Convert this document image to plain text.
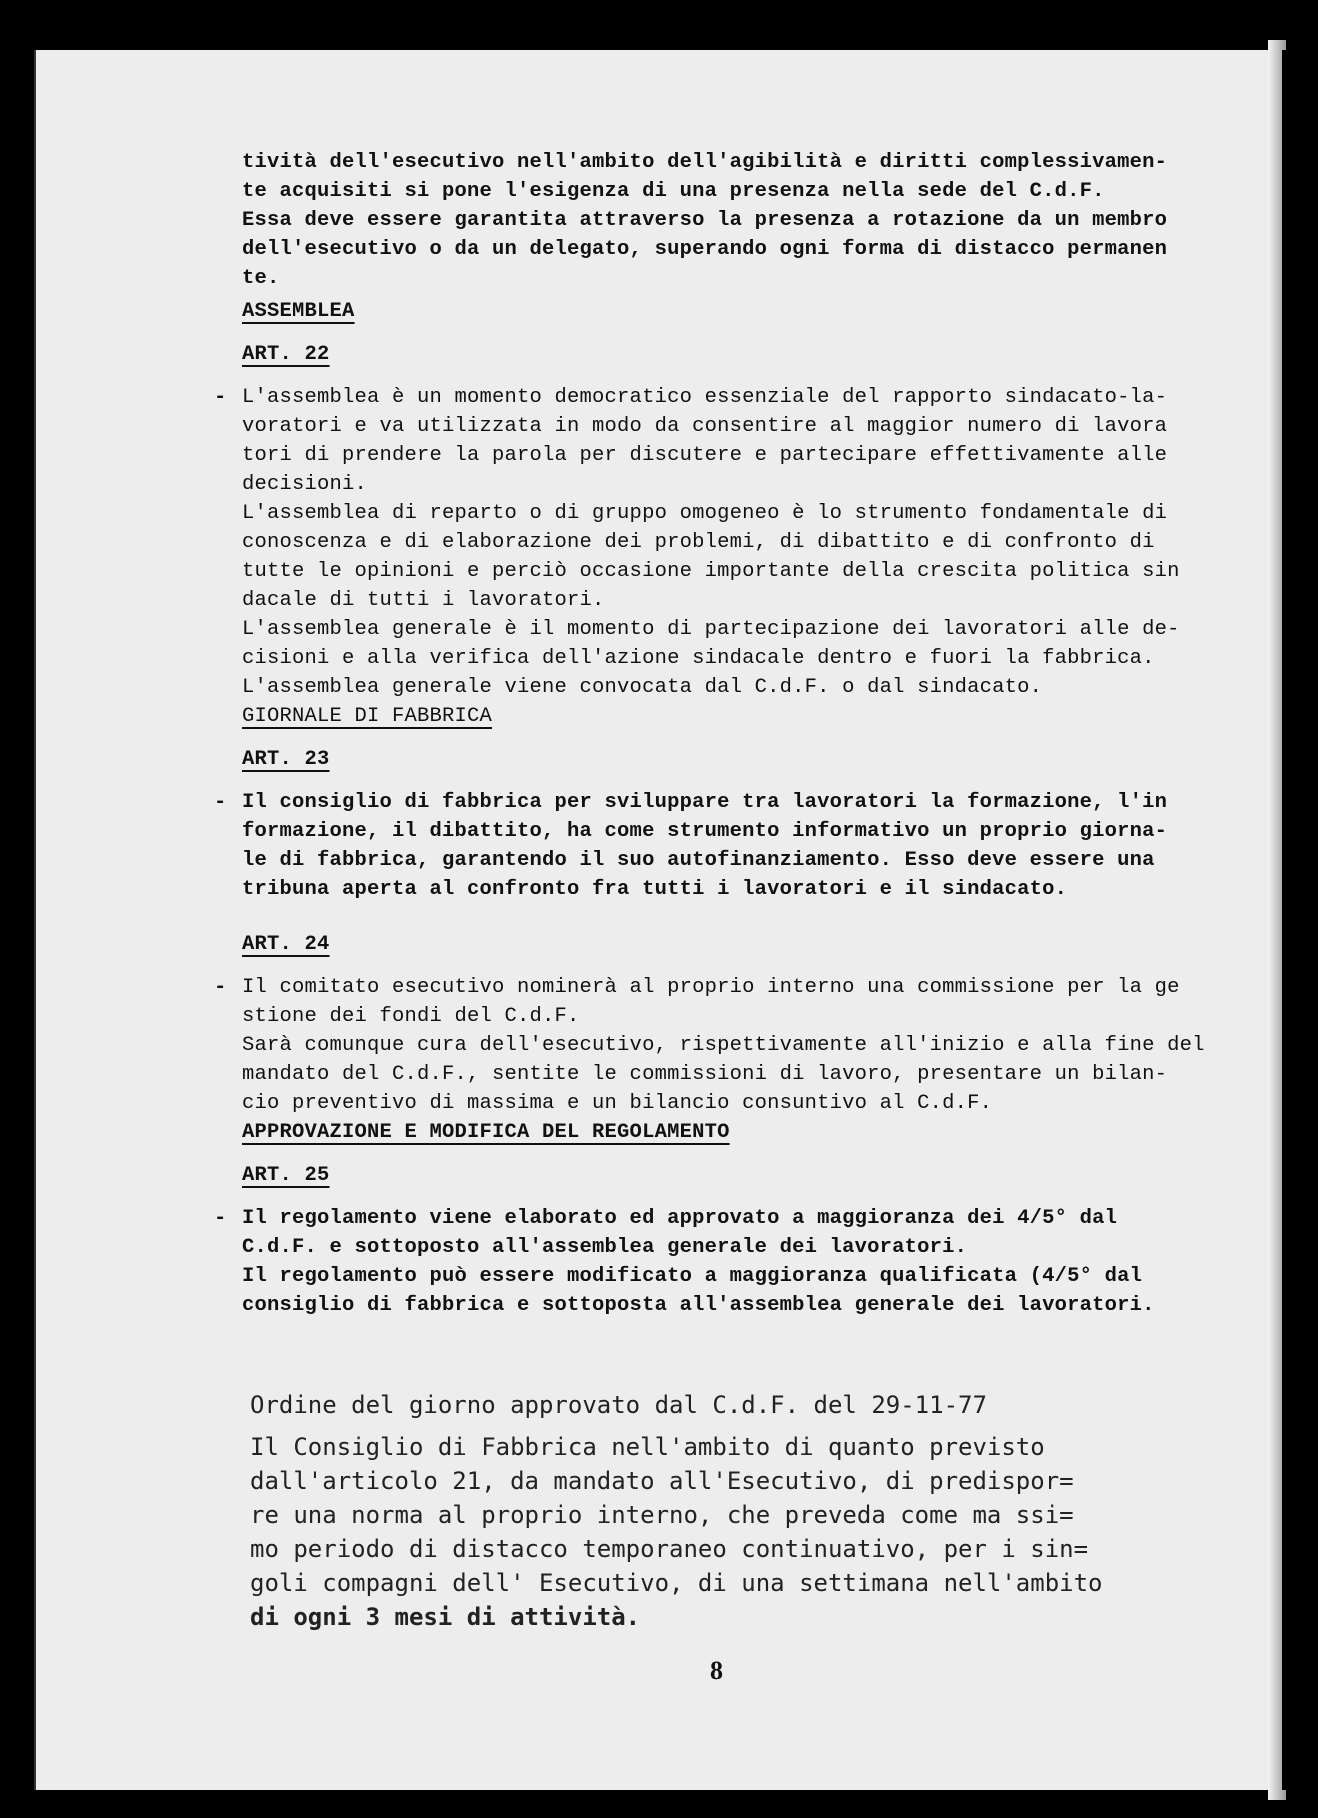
tività dell'esecutivo nell'ambito dell'agibilità e diritti complessivamen-
te acquisiti si pone l'esigenza di una presenza nella sede del C.d.F.
Essa deve essere garantita attraverso la presenza a rotazione da un membro
dell'esecutivo o da un delegato, superando ogni forma di distacco permanen
te.
ASSEMBLEA
ART. 22
- L'assemblea è un momento democratico essenziale del rapporto sindacato-la-
voratori e va utilizzata in modo da consentire al maggior numero di lavora
tori di prendere la parola per discutere e partecipare effettivamente alle
decisioni.
L'assemblea di reparto o di gruppo omogeneo è lo strumento fondamentale di
conoscenza e di elaborazione dei problemi, di dibattito e di confronto di
tutte le opinioni e perciò occasione importante della crescita politica sin
dacale di tutti i lavoratori.
L'assemblea generale è il momento di partecipazione dei lavoratori alle de-
cisioni e alla verifica dell'azione sindacale dentro e fuori la fabbrica.
L'assemblea generale viene convocata dal C.d.F. o dal sindacato.
GIORNALE DI FABBRICA
ART. 23
- Il consiglio di fabbrica per sviluppare tra lavoratori la formazione, l'in
formazione, il dibattito, ha come strumento informativo un proprio giorna-
le di fabbrica, garantendo il suo autofinanziamento. Esso deve essere una
tribuna aperta al confronto fra tutti i lavoratori e il sindacato.
ART. 24
- Il comitato esecutivo nominerà al proprio interno una commissione per la ge
stione dei fondi del C.d.F.
Sarà comunque cura dell'esecutivo, rispettivamente all'inizio e alla fine del
mandato del C.d.F., sentite le commissioni di lavoro, presentare un bilan-
cio preventivo di massima e un bilancio consuntivo al C.d.F.
APPROVAZIONE E MODIFICA DEL REGOLAMENTO
ART. 25
- Il regolamento viene elaborato ed approvato a maggioranza dei 4/5° dal
C.d.F. e sottoposto all'assemblea generale dei lavoratori.
Il regolamento può essere modificato a maggioranza qualificata (4/5° dal
consiglio di fabbrica e sottoposta all'assemblea generale dei lavoratori.
Ordine del giorno approvato dal C.d.F. del 29-11-77
Il Consiglio di Fabbrica nell'ambito di quanto previsto
dall'articolo 21, da mandato all'Esecutivo, di predispor=
re una norma al proprio interno, che preveda come ma ssi=
mo periodo di distacco temporaneo continuativo, per i sin=
goli compagni dell' Esecutivo, di una settimana nell'ambito
di ogni 3 mesi di attività.
8
